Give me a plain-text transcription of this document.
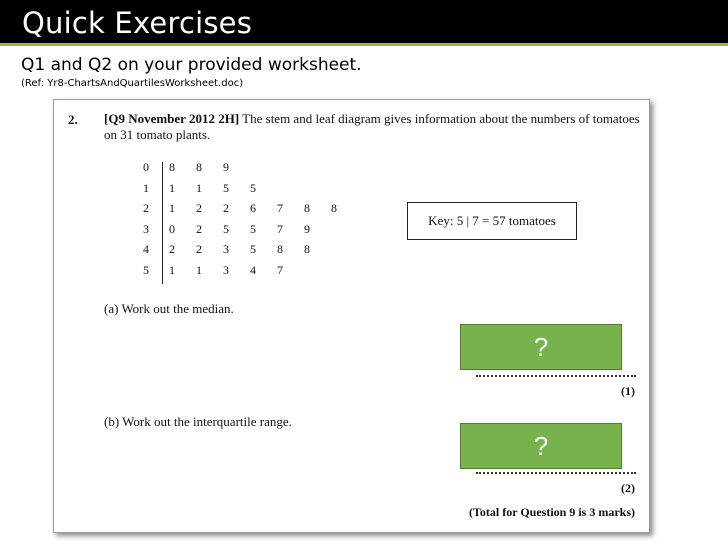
Quick Exercises
Q1 and Q2 on your provided worksheet.
(Ref: Yr8-ChartsAndQuartilesWorksheet.doc)
2. [Q9 November 2012 2H] The stem and leaf diagram gives information about the numbers of tomatoes on 31 tomato plants.
0	8	8	9
1	1	1	5	5
2	1	2	2	6	7	8	8
3	0	2	5	5	7	9
4	2	2	3	5	8	8
5	1	1	3	4	7
Key: 5 | 7 = 57 tomatoes
(a) Work out the median.
?
(1)
(b) Work out the interquartile range.
?
(2)
(Total for Question 9 is 3 marks)
